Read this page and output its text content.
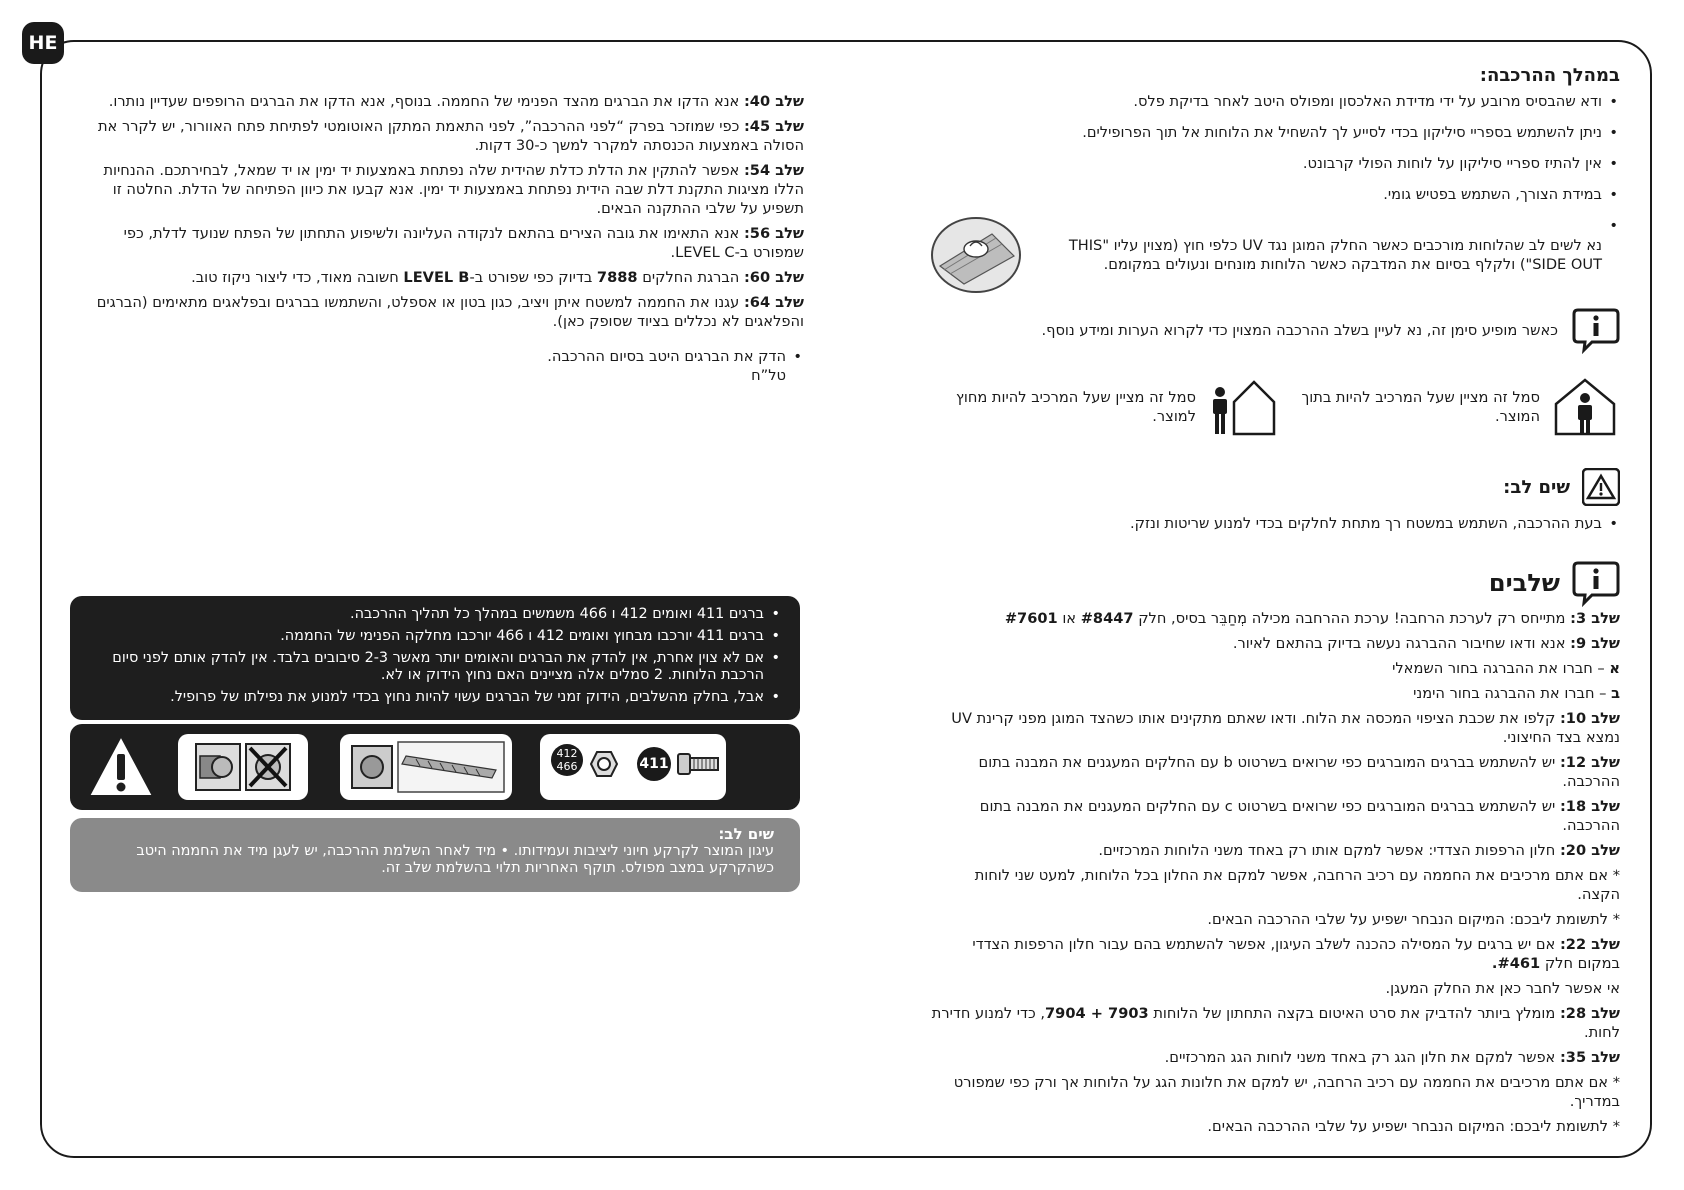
HE
במהלך ההרכבה:
• ודא שהבסיס מרובע על ידי מדידת האלכסון ומפולס היטב לאחר בדיקת פלס.
• ניתן להשתמש בספריי סיליקון בכדי לסייע לך להשחיל את הלוחות אל תוך הפרופילים.
• אין להתיז ספריי סיליקון על לוחות הפולי קרבונט.
• במידת הצורך, השתמש בפטיש גומי.
• נא לשים לב שהלוחות מורכבים כאשר החלק המוגן נגד UV כלפי חוץ (מצוין עליו "THIS SIDE OUT") ולקלף בסיום את המדבקה כאשר הלוחות מונחים ונעולים במקומם.
כאשר מופיע סימן זה, נא לעיין בשלב ההרכבה המצוין כדי לקרוא הערות ומידע נוסף.
סמל זה מציין שעל המרכיב להיות בתוך המוצר.
סמל זה מציין שעל המרכיב להיות מחוץ למוצר.
שים לב:
• בעת ההרכבה, השתמש במשטח רך מתחת לחלקים בכדי למנוע שריטות ונזק.
שלבים
שלב 3: מתייחס רק לערכת הרחבה! ערכת ההרחבה מכילה מְחַבֵּר בסיס, חלק #8447 או #7601
שלב 9: אנא ודאו שחיבור ההברגה נעשה בדיוק בהתאם לאיור.
א – חברו את ההברגה בחור השמאלי
ב – חברו את ההברגה בחור הימני
שלב 10: קלפו את שכבת הציפוי המכסה את הלוח. ודאו שאתם מתקינים אותו כשהצד המוגן מפני קרינת UV נמצא בצד החיצוני.
שלב 12: יש להשתמש בברגים המוברגים כפי שרואים בשרטוט b עם החלקים המעגנים את המבנה בתום ההרכבה.
שלב 18: יש להשתמש בברגים המוברגים כפי שרואים בשרטוט c עם החלקים המעגנים את המבנה בתום ההרכבה.
שלב 20: חלון הרפפות הצדדי: אפשר למקם אותו רק באחד משני הלוחות המרכזיים.
* אם אתם מרכיבים את החממה עם רכיב הרחבה, אפשר למקם את החלון בכל הלוחות, למעט שני לוחות הקצה.
* לתשומת ליבכם: המיקום הנבחר ישפיע על שלבי ההרכבה הבאים.
שלב 22: אם יש ברגים על המסילה כהכנה לשלב העיגון, אפשר להשתמש בהם עבור חלון הרפפות הצדדי במקום חלק #461.
אי אפשר לחבר כאן את החלק המעגן.
שלב 28: מומלץ ביותר להדביק את סרט האיטום בקצה התחתון של הלוחות 7903 + 7904, כדי למנוע חדירת לחות.
שלב 35: אפשר למקם את חלון הגג רק באחד משני לוחות הגג המרכזיים.
* אם אתם מרכיבים את החממה עם רכיב הרחבה, יש למקם את חלונות הגג על הלוחות אך ורק כפי שמפורט במדריך.
* לתשומת ליבכם: המיקום הנבחר ישפיע על שלבי ההרכבה הבאים.
שלב 40: אנא הדקו את הברגים מהצד הפנימי של החממה. בנוסף, אנא הדקו את הברגים הרופפים שעדיין נותרו.
שלב 45: כפי שמוזכר בפרק “לפני ההרכבה”, לפני התאמת המתקן האוטומטי לפתיחת פתח האוורור, יש לקרר את הסולה באמצעות הכנסתה למקרר למשך כ-30 דקות.
שלב 54: אפשר להתקין את הדלת כדלת שהידית שלה נפתחת באמצעות יד ימין או יד שמאל, לבחירתכם. ההנחיות הללו מציגות התקנת דלת שבה הידית נפתחת באמצעות יד ימין. אנא קבעו את כיוון הפתיחה של הדלת. החלטה זו תשפיע על שלבי ההתקנה הבאים.
שלב 56: אנא התאימו את גובה הצירים בהתאם לנקודה העליונה ולשיפוע התחתון של הפתח שנועד לדלת, כפי שמפורט ב-LEVEL C.
שלב 60: הברגת החלקים 7888 בדיוק כפי שפורט ב-LEVEL B חשובה מאוד, כדי ליצור ניקוז טוב.
שלב 64: עגנו את החממה למשטח איתן ויציב, כגון בטון או אספלט, והשתמשו בברגים ובפלאגים מתאימים (הברגים והפלאגים לא נכללים בציוד שסופק כאן).
• הדק את הברגים היטב בסיום ההרכבה.
טל”ח
• ברגים 411 ואומים 412 ו 466 משמשים במהלך כל תהליך ההרכבה.
• ברגים 411 יורכבו מבחוץ ואומים 412 ו 466 יורכבו מחלקה הפנימי של החממה.
• אם לא צוין אחרת, אין להדק את הברגים והאומים יותר מאשר 2-3 סיבובים בלבד. אין להדק אותם לפני סיום הרכבת הלוחות. 2 סמלים אלה מציינים האם נחוץ הידוק או לא.
• אבל, בחלק מהשלבים, הידוק זמני של הברגים עשוי להיות נחוץ בכדי למנוע את נפילתו של פרופיל.
412
466	411
שים לב:
עיגון המוצר לקרקע חיוני ליציבות ועמידותו. • מיד לאחר השלמת ההרכבה, יש לעגן מיד את החממה היטב כשהקרקע במצב מפולס. תוקף האחריות תלוי בהשלמת שלב זה.
